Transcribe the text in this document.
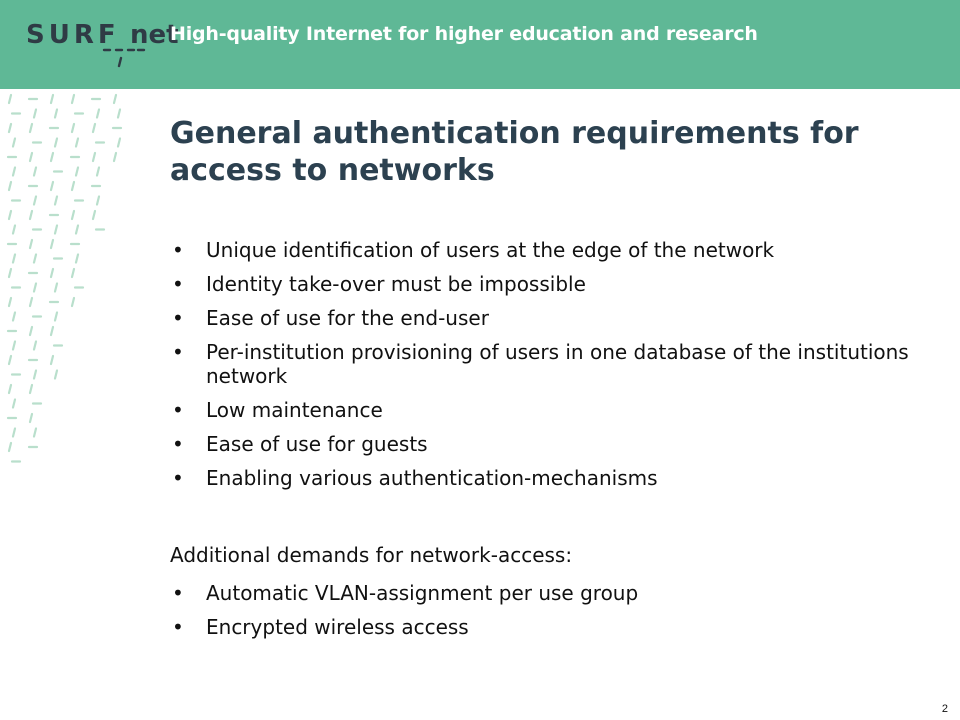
SURF net
High-quality Internet for higher education and research
General authentication requirements for access to networks
• Unique identification of users at the edge of the network
• Identity take-over must be impossible
• Ease of use for the end-user
• Per-institution provisioning of users in one database of the institutions network
• Low maintenance
• Ease of use for guests
• Enabling various authentication-mechanisms

Additional demands for network-access:

• Automatic VLAN-assignment per use group
• Encrypted wireless access
2
